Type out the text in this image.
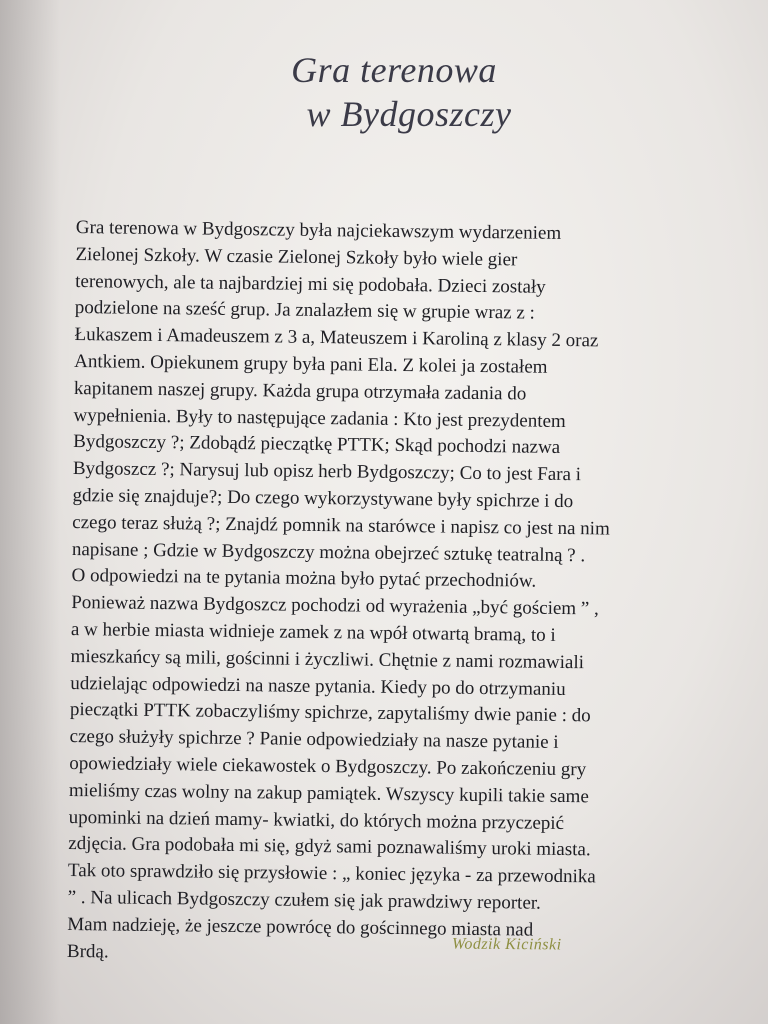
Gra terenowa
w Bydgoszczy
Gra terenowa w Bydgoszczy była najciekawszym wydarzeniem
Zielonej Szkoły. W czasie Zielonej Szkoły było wiele gier
terenowych, ale ta najbardziej mi się podobała. Dzieci zostały
podzielone na sześć grup. Ja znalazłem się w grupie wraz z :
Łukaszem i Amadeuszem z 3 a, Mateuszem i Karoliną z klasy 2 oraz
Antkiem. Opiekunem grupy była pani Ela. Z kolei ja zostałem
kapitanem naszej grupy. Każda grupa otrzymała zadania do
wypełnienia. Były to następujące zadania : Kto jest prezydentem
Bydgoszczy ?; Zdobądź pieczątkę PTTK; Skąd pochodzi nazwa
Bydgoszcz ?; Narysuj lub opisz herb Bydgoszczy; Co to jest Fara i
gdzie się znajduje?; Do czego wykorzystywane były spichrze i do
czego teraz służą ?; Znajdź pomnik na starówce i napisz co jest na nim
napisane ; Gdzie w Bydgoszczy można obejrzeć sztukę teatralną ? .
O odpowiedzi na te pytania można było pytać przechodniów.
Ponieważ nazwa Bydgoszcz pochodzi od wyrażenia „być gościem ” ,
a w herbie miasta widnieje zamek z na wpół otwartą bramą, to i
mieszkańcy są mili, gościnni i życzliwi. Chętnie z nami rozmawiali
udzielając odpowiedzi na nasze pytania. Kiedy po do otrzymaniu
pieczątki PTTK zobaczyliśmy spichrze, zapytaliśmy dwie panie : do
czego służyły spichrze ? Panie odpowiedziały na nasze pytanie i
opowiedziały wiele ciekawostek o Bydgoszczy. Po zakończeniu gry
mieliśmy czas wolny na zakup pamiątek. Wszyscy kupili takie same
upominki na dzień mamy- kwiatki, do których można przyczepić
zdjęcia. Gra podobała mi się, gdyż sami poznawaliśmy uroki miasta.
Tak oto sprawdziło się przysłowie : „ koniec języka - za przewodnika
” . Na ulicach Bydgoszczy czułem się jak prawdziwy reporter.
Mam nadzieję, że jeszcze powrócę do gościnnego miasta nad
Brdą.	Wodzik Kiciński
